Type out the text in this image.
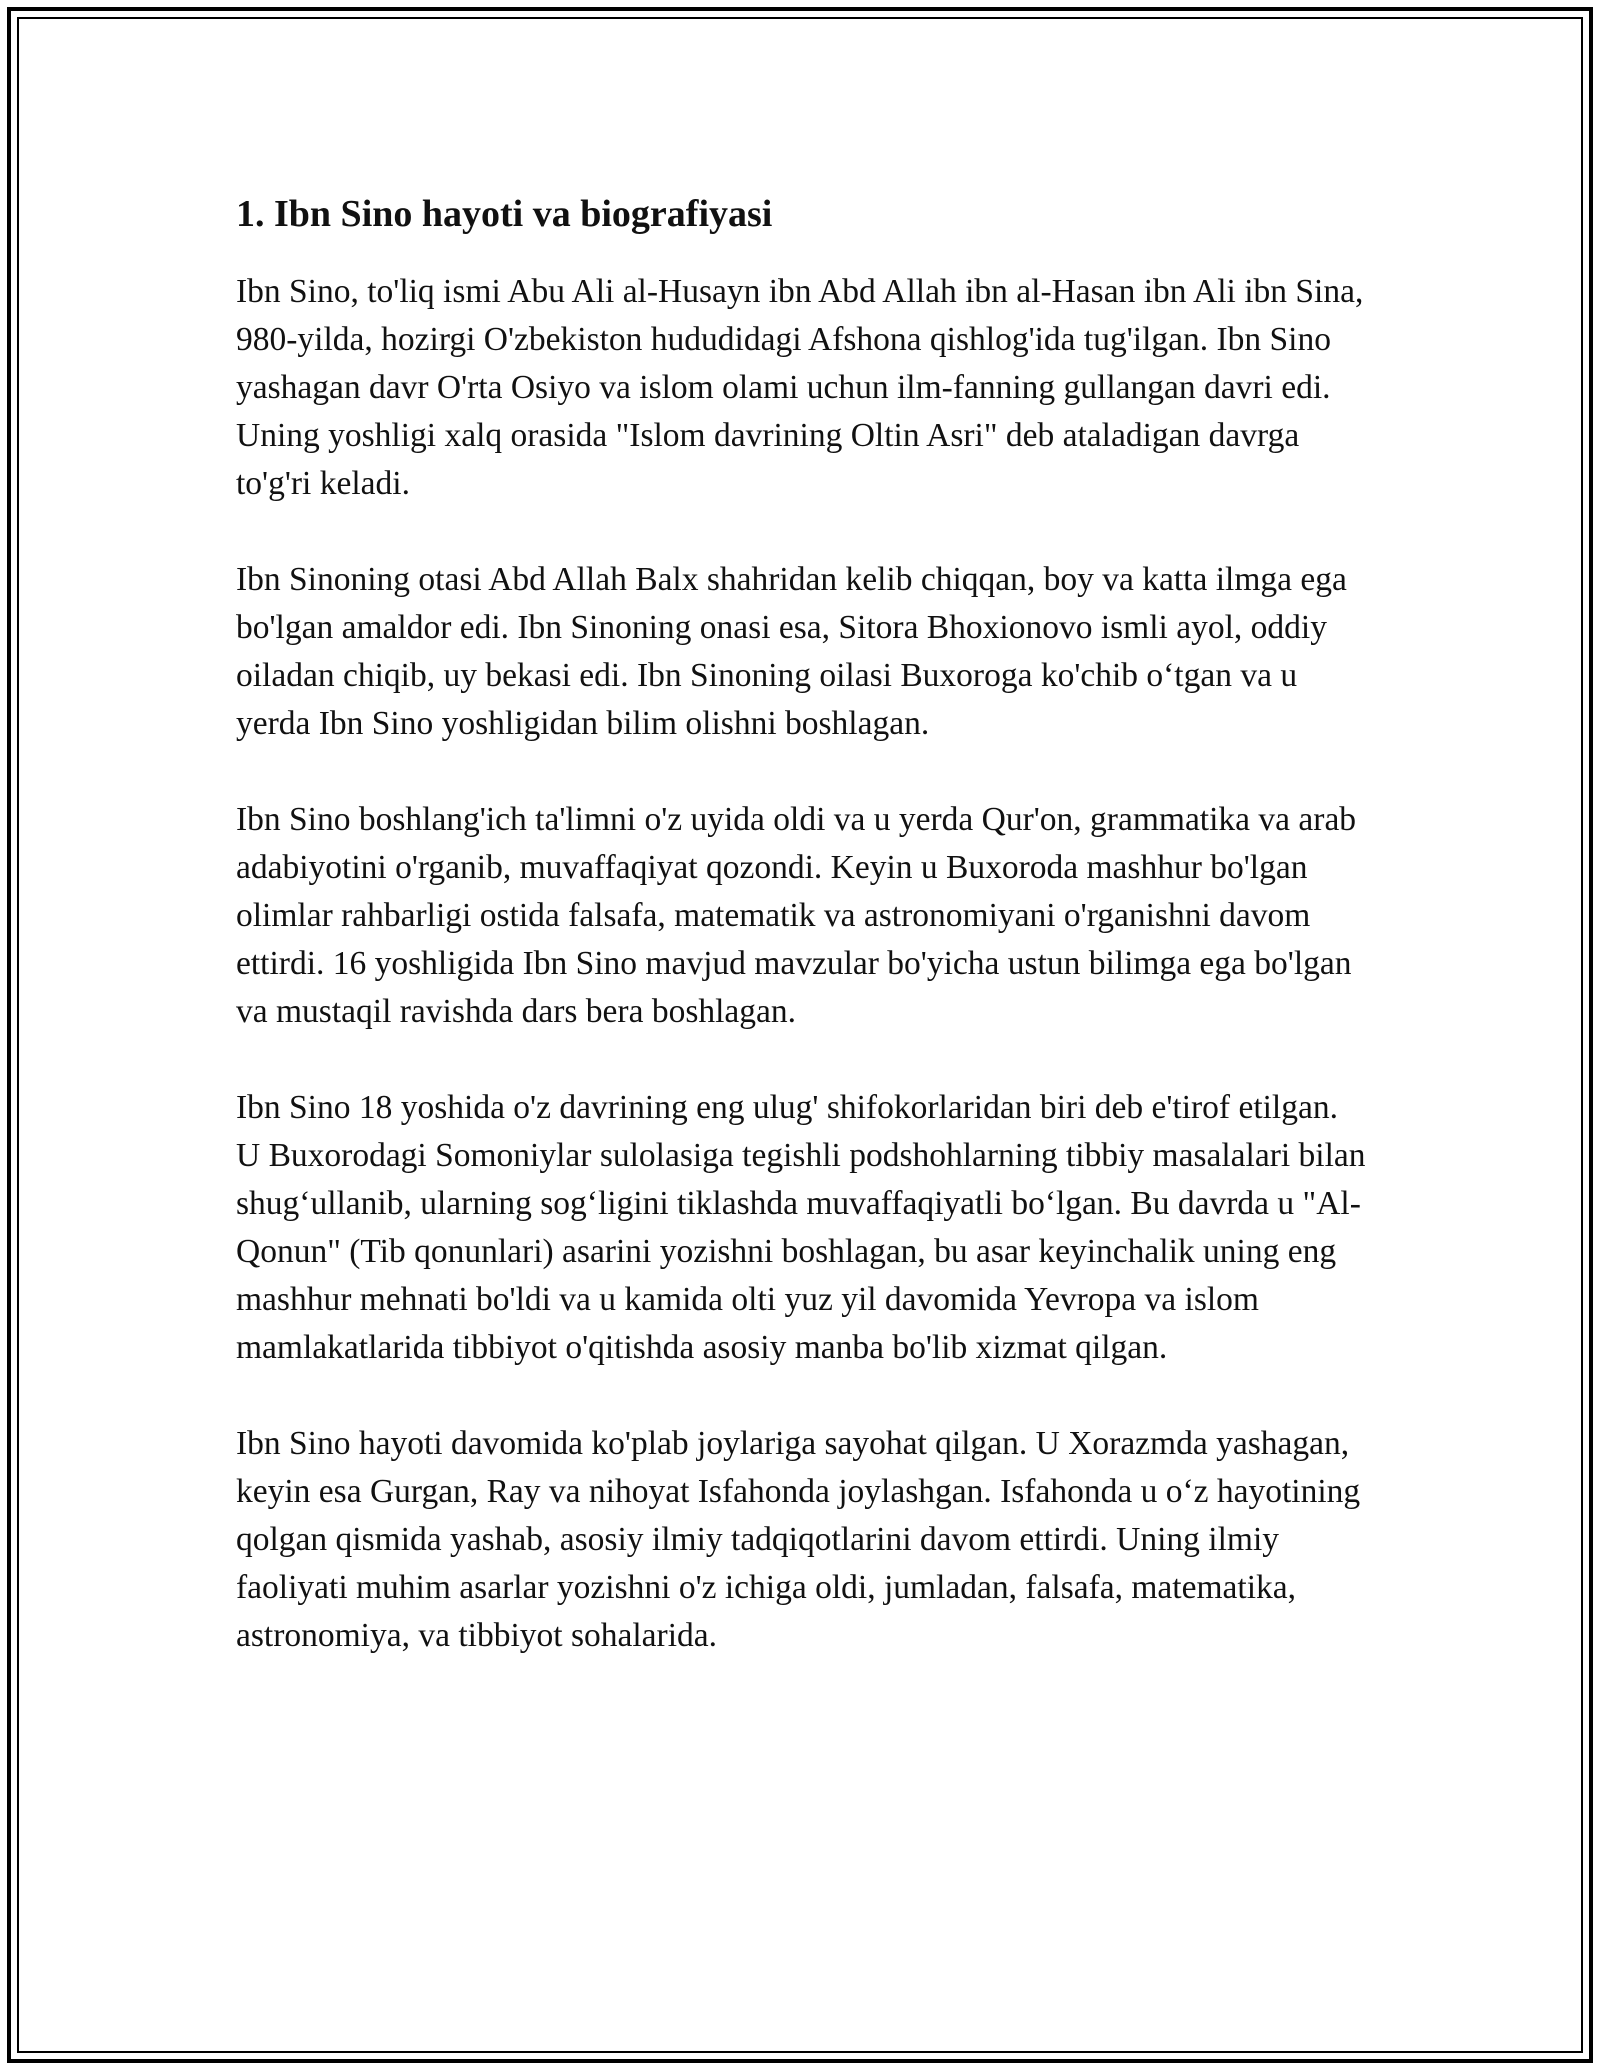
1. Ibn Sino hayoti va biografiyasi

Ibn Sino, to'liq ismi Abu Ali al-Husayn ibn Abd Allah ibn al-Hasan ibn Ali ibn Sina, 980-yilda, hozirgi O'zbekiston hududidagi Afshona qishlog'ida tug'ilgan. Ibn Sino yashagan davr O'rta Osiyo va islom olami uchun ilm-fanning gullangan davri edi. Uning yoshligi xalq orasida "Islom davrining Oltin Asri" deb ataladigan davrga to'g'ri keladi.

Ibn Sinoning otasi Abd Allah Balx shahridan kelib chiqqan, boy va katta ilmga ega bo'lgan amaldor edi. Ibn Sinoning onasi esa, Sitora Bhoxionovo ismli ayol, oddiy oiladan chiqib, uy bekasi edi. Ibn Sinoning oilasi Buxoroga ko'chib o‘tgan va u yerda Ibn Sino yoshligidan bilim olishni boshlagan.

Ibn Sino boshlang'ich ta'limni o'z uyida oldi va u yerda Qur'on, grammatika va arab adabiyotini o'rganib, muvaffaqiyat qozondi. Keyin u Buxoroda mashhur bo'lgan olimlar rahbarligi ostida falsafa, matematik va astronomiyani o'rganishni davom ettirdi. 16 yoshligida Ibn Sino mavjud mavzular bo'yicha ustun bilimga ega bo'lgan va mustaqil ravishda dars bera boshlagan.

Ibn Sino 18 yoshida o'z davrining eng ulug' shifokorlaridan biri deb e'tirof etilgan. U Buxorodagi Somoniylar sulolasiga tegishli podshohlarning tibbiy masalalari bilan shug‘ullanib, ularning sog‘ligini tiklashda muvaffaqiyatli bo‘lgan. Bu davrda u "Al-Qonun" (Tib qonunlari) asarini yozishni boshlagan, bu asar keyinchalik uning eng mashhur mehnati bo'ldi va u kamida olti yuz yil davomida Yevropa va islom mamlakatlarida tibbiyot o'qitishda asosiy manba bo'lib xizmat qilgan.

Ibn Sino hayoti davomida ko'plab joylariga sayohat qilgan. U Xorazmda yashagan, keyin esa Gurgan, Ray va nihoyat Isfahonda joylashgan. Isfahonda u o‘z hayotining qolgan qismida yashab, asosiy ilmiy tadqiqotlarini davom ettirdi. Uning ilmiy faoliyati muhim asarlar yozishni o'z ichiga oldi, jumladan, falsafa, matematika, astronomiya, va tibbiyot sohalarida.
